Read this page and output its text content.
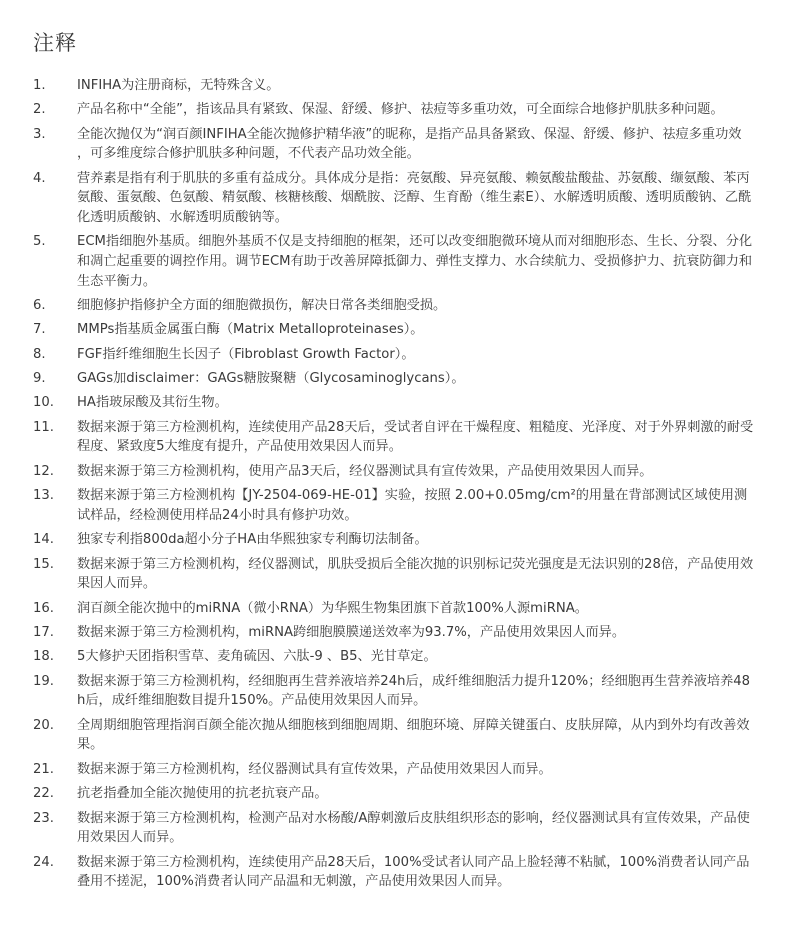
注释
1.	INFIHA为注册商标，无特殊含义。
2.	产品名称中“全能”，指该品具有紧致、保湿、舒缓、修护、祛痘等多重功效，可全面综合地修护肌肤多种问题。
3.	全能次抛仅为“润百颜INFIHA全能次抛修护精华液”的昵称，是指产品具备紧致、保湿、舒缓、修护、祛痘多重功效，可多维度综合修护肌肤多种问题，不代表产品功效全能。
4.	营养素是指有利于肌肤的多重有益成分。具体成分是指：亮氨酸、异亮氨酸、赖氨酸盐酸盐、苏氨酸、缬氨酸、苯丙氨酸、蛋氨酸、色氨酸、精氨酸、核糖核酸、烟酰胺、泛醇、生育酚（维生素E）、水解透明质酸、透明质酸钠、乙酰化透明质酸钠、水解透明质酸钠等。
5.	ECM指细胞外基质。细胞外基质不仅是支持细胞的框架，还可以改变细胞微环境从而对细胞形态、生长、分裂、分化和凋亡起重要的调控作用。调节ECM有助于改善屏障抵御力、弹性支撑力、水合续航力、受损修护力、抗衰防御力和生态平衡力。
6.	细胞修护指修护全方面的细胞微损伤，解决日常各类细胞受损。
7.	MMPs指基质金属蛋白酶（Matrix Metalloproteinases）。
8.	FGF指纤维细胞生长因子（Fibroblast Growth Factor）。
9.	GAGs加disclaimer：GAGs糖胺聚糖（Glycosaminoglycans）。
10.	HA指玻尿酸及其衍生物。
11.	数据来源于第三方检测机构，连续使用产品28天后，受试者自评在干燥程度、粗糙度、光泽度、对于外界刺激的耐受程度、紧致度5大维度有提升，产品使用效果因人而异。
12.	数据来源于第三方检测机构，使用产品3天后，经仪器测试具有宣传效果，产品使用效果因人而异。
13.	数据来源于第三方检测机构【JY-2504-069-HE-01】实验，按照 2.00+0.05mg/cm²的用量在背部测试区域使用测试样品，经检测使用样品24小时具有修护功效。
14.	独家专利指800da超小分子HA由华熙独家专利酶切法制备。
15.	数据来源于第三方检测机构，经仪器测试，肌肤受损后全能次抛的识别标记荧光强度是无法识别的28倍，产品使用效果因人而异。
16.	润百颜全能次抛中的miRNA（微小RNA）为华熙生物集团旗下首款100%人源miRNA。
17.	数据来源于第三方检测机构，miRNA跨细胞膜膜递送效率为93.7%，产品使用效果因人而异。
18.	5大修护天团指积雪草、麦角硫因、六肽-9 、B5、光甘草定。
19.	数据来源于第三方检测机构，经细胞再生营养液培养24h后，成纤维细胞活力提升120%；经细胞再生营养液培养48h后，成纤维细胞数目提升150%。产品使用效果因人而异。
20.	全周期细胞管理指润百颜全能次抛从细胞核到细胞周期、细胞环境、屏障关键蛋白、皮肤屏障，从内到外均有改善效果。
21.	数据来源于第三方检测机构，经仪器测试具有宣传效果，产品使用效果因人而异。
22.	抗老指叠加全能次抛使用的抗老抗衰产品。
23.	数据来源于第三方检测机构，检测产品对水杨酸/A醇刺激后皮肤组织形态的影响，经仪器测试具有宣传效果，产品使用效果因人而异。
24.	数据来源于第三方检测机构，连续使用产品28天后，100%受试者认同产品上脸轻薄不粘腻，100%消费者认同产品叠用不搓泥，100%消费者认同产品温和无刺激，产品使用效果因人而异。
